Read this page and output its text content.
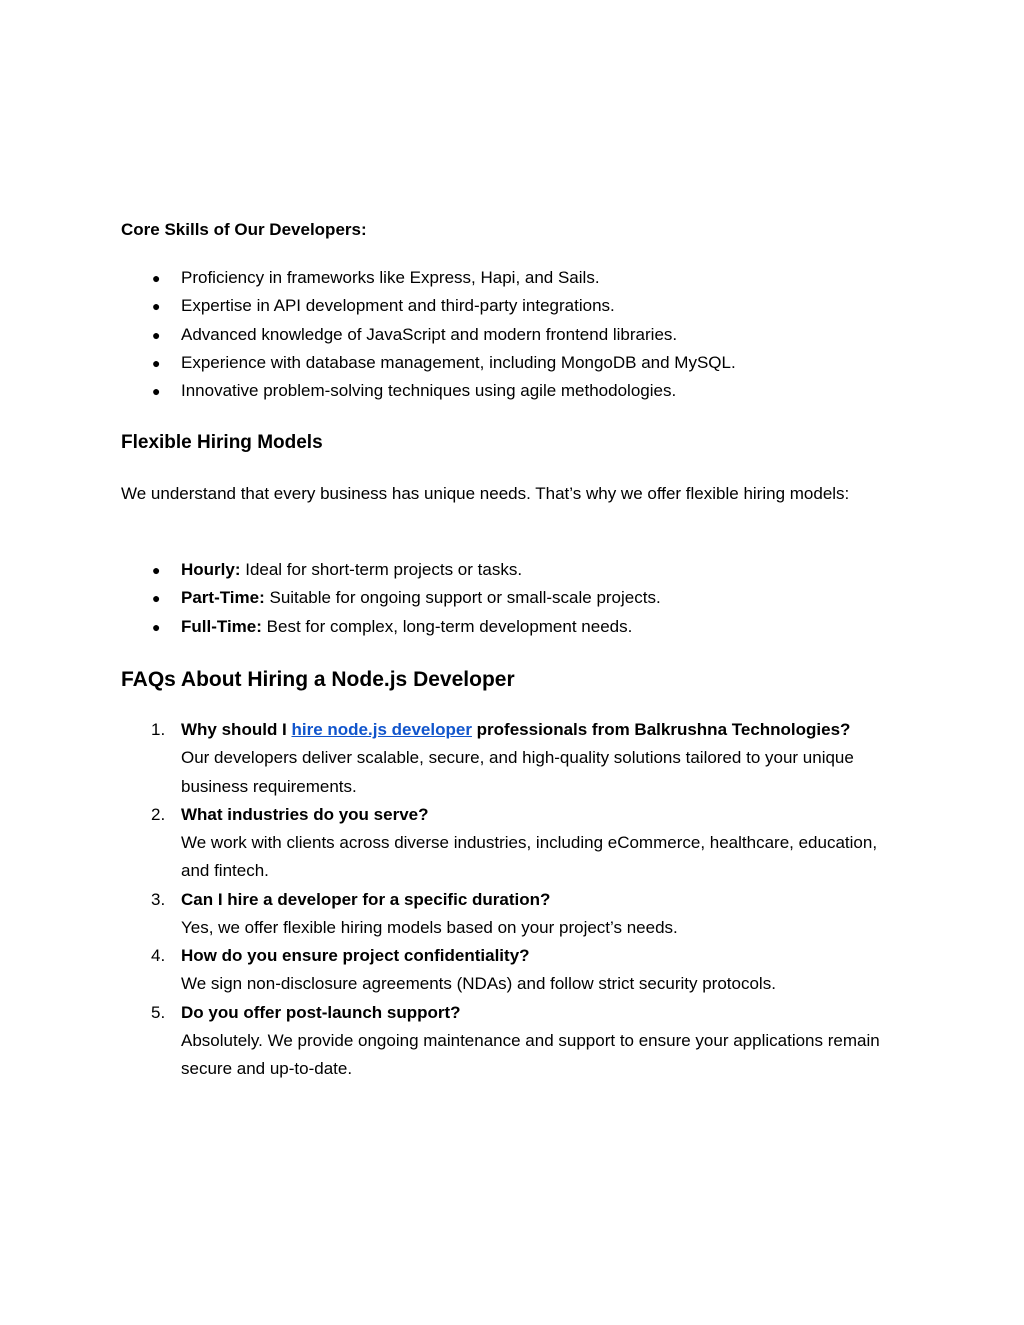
Core Skills of Our Developers:

● Proficiency in frameworks like Express, Hapi, and Sails.
● Expertise in API development and third-party integrations.
● Advanced knowledge of JavaScript and modern frontend libraries.
● Experience with database management, including MongoDB and MySQL.
● Innovative problem-solving techniques using agile methodologies.
Flexible Hiring Models

We understand that every business has unique needs. That’s why we offer flexible hiring models:

● Hourly: Ideal for short-term projects or tasks.
● Part-Time: Suitable for ongoing support or small-scale projects.
● Full-Time: Best for complex, long-term development needs.
FAQs About Hiring a Node.js Developer
1. Why should I hire node.js developer professionals from Balkrushna Technologies?
Our developers deliver scalable, secure, and high-quality solutions tailored to your unique business requirements.
2. What industries do you serve?
We work with clients across diverse industries, including eCommerce, healthcare, education, and fintech.
3. Can I hire a developer for a specific duration?
Yes, we offer flexible hiring models based on your project’s needs.
4. How do you ensure project confidentiality?
We sign non-disclosure agreements (NDAs) and follow strict security protocols.
5. Do you offer post-launch support?
Absolutely. We provide ongoing maintenance and support to ensure your applications remain secure and up-to-date.
